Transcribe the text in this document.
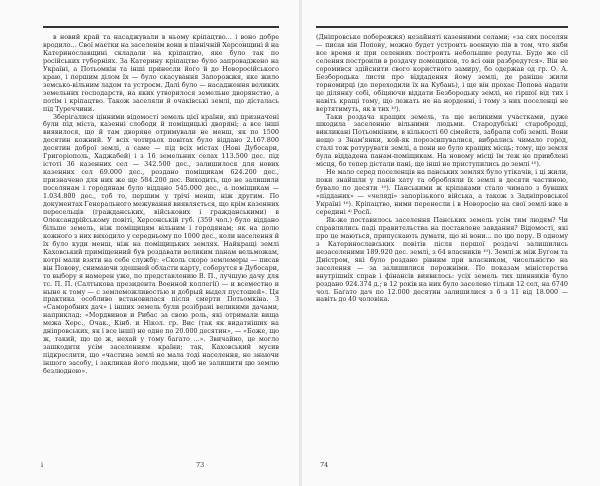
в новий край та насаджували в ньому кріпацтво... і воно добре вродило... Свої маєтки на заселенім вони в північній Херсонщині й на Катеринославщині складали на кріпацтво, яке було так по російських губерніях. За Катерину кріпацтво було запроваджено на Україні, а Потьомкін та інші принесли його й до Новоросійського краю, і першим ділом їх — було скасування Запорожжя, яке жило земсько-вільним ладом та устроєм. Далі було — насадження великих земельних господарств, на яких утворилося земельне дворянство, а потім і кріпацтво. Також заселяли й очаківські землі, що дісталась під Туреччини.

Зберігалися цінними відомості земель цієї країни, які призначені були під міста, казенні слободи й поміщицькі дворяні; а все інші виявилося, що й там дворяне отримували не менш, як по 1500 десятин кожний. У всіх чотирьох повітах було віддано 2.167.800 десятин доброї землі, а саме — під всіх містах (Нові Дубосари, Григоріополь, Хаджабей) і з 16 земельних селах 113.500 дес. під істоті 36 казенних сел — 342.500 дес., залишилося для нових казенних сел 69.000 дес., роздано поміщикам 624.200 дес., призначено для них же ще 584.200 дес. Виходить, що не залишили поселянам і городянам було віддано 545.000 дес., а поміщикам — 1.034.800 дес., тоб то, першим у трічі менш, ніж другим. По документах Генерального межування виявляється, що крім казенних пересельців (гражданських, військових і гражданськими) в Олександрійському повіті, Херсонській губ. (359 чол.) було віддано більше земель, ніж поміщицям вільним і городянам; як на долю кожного з них виходило у середньому по 1000 дес., коли населення й їх було куди менш, ніж на поміщицьких землях. Найкращі землі Каховський приміщенний був роздавати великим панам вельможам, котрі мали взяти на себе службу: «Сколь скоро землемеры — писав він Повову, снимаючи здешней области карту, соберутся в Дубосари, то выбору я намерен уже, по представлению В. П., лучшую дачу для тс. П. П. (Салтыкова президента Военной коллегії) — и всеместно и ныне к тому — с землеможливостью и добрый выдел пустошей». Ця практика особливо встановилася після смерти Потьомкіна. З «Саморобних дач» і інших земель були розібрані великими дачами, наприклад: «Мордвинов и Рибас за свою роль, які отримали вища межа Херс., Очак., Кінб. и Нікол. гр. Вис (так як видатніших на дніпровських, як і все інші) не одне по 20.000 десятин», — «Боже, що ж, такий, що це ж, нехай у тому багато ...». Звичайно, це могло зашкодити усім заселенням країни; так, Каховський мусив підкреслити, що «частина землі не мала тоді населення, не знаючи іншого засобу, і закликав його людьми, щоб не залишити цю землю безлюдною».

і	73

(Дніпровське побережжя) незайняті казенними селами; «за сих поселян — писав він Попову, можно будет устроить военную пів в том, что якби все время и при селениях построить небольшие редуты. Буде же сії селения построили в роздачу помещиков, то всі они разбредутся». Він не соромився здійснити свого користного замиру, бо одержав од гр. О. А. Безбородька листи про віддадення йому землі, де раніше жили торномирці (де переходили їх на Кубань), і ще він прохає Попова надати це ділянку собі, обіцяючи віддати Безбородьку землі, не гіршої від тих і навіть кращі тому, що лежать не на норденні, і тому з них поселенці не вертятимуть, як в тих ¹⁰).

Таки роздача кращих земель, та ще великими участками, дуже шкодила заселенню вільними людьми. Стародубські старобродці, викликані Потьомкіним, в кількості 60 сімейств, забрали собі землі. Вони нещо з Знам'янки, кой-як порозсипувалися, вибрались чимало город, сталі тож ротурувати землі, а пони не було кращих місць; тому, що земля була віддадена панам-поміщикам. На новому місці їм теж не привблені місця, бо тепер дістали пані, ще інші не приступились до землі ¹⁰).

Не мало серед поселенців на панських землях було утікачів, і ці жили, поки знайшли у панів хату та обробляли їх землі в десяти частиною, бувало по десяти ¹⁰). Панськими ж кріпаками стало чимало з бувших «підданих» — «челяді» запорізького війська, а також з Задніпровської Україні ¹⁰). Кріпацтво, ними перенесли і в Новоросію на свої землі вже в середині ⁴⁾ Росії.

Як-же поставилось заселення Панських земель усім тим людям? Чи справлялись паді правительства на поставлене завдання? Відомості, які про це маються, припускають думати, що ні вони... по цю пору. В одному з Катеринославських повітів після першої роздачі залишились незаселеними 189.920 дес. землі, з 64 власників ¹⁰). Землі ж між Бугом та Дністром, які було роздано рівним при власником, чисельністю на заселення — за залишилися порожніми. По показам міністерства внутрішніх справ і фінансів виявилось: усіх земель тих шинників було роздано 924.374 д.; в 12 років на них було заселено тільки 12 сел, на 6740 чол. Багато дач по 12.000 десятин залишилися з 6 з 11 від 18.000 — навіть до 40 чоловіка.

74
